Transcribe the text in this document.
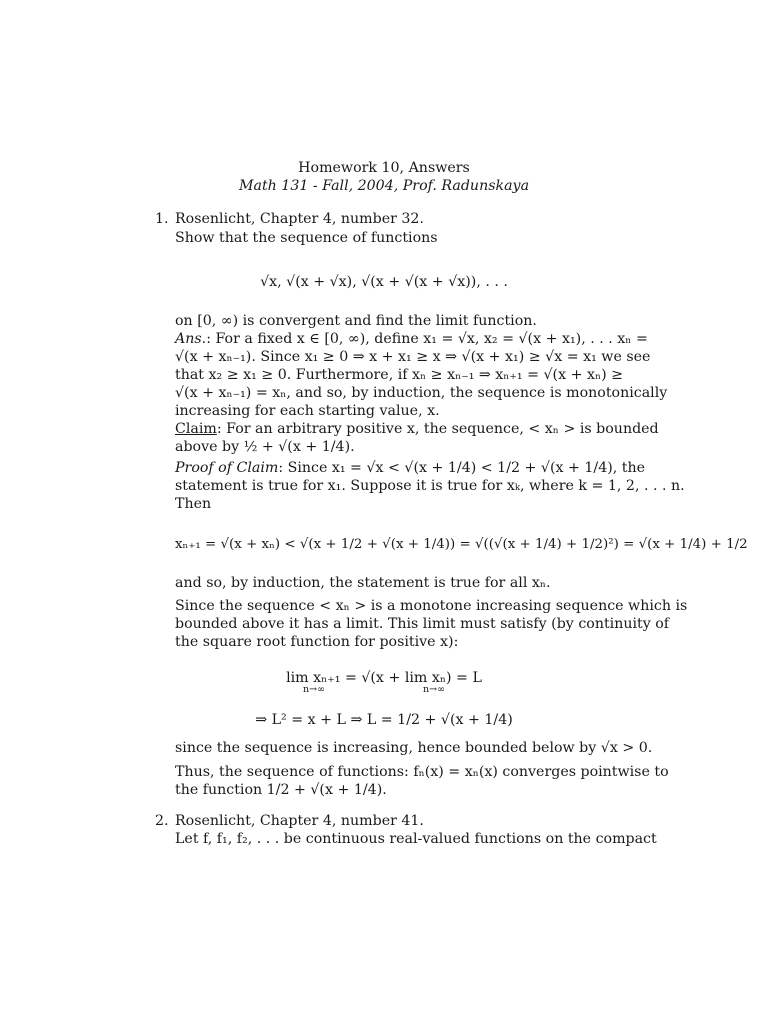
Homework 10, Answers
Math 131 - Fall, 2004, Prof. Radunskaya
1. Rosenlicht, Chapter 4, number 32.
Show that the sequence of functions
√x, √(x + √x), √(x + √(x + √x)), . . .
on [0, ∞) is convergent and find the limit function.
Ans.: For a fixed x ∈ [0, ∞), define x₁ = √x, x₂ = √(x + x₁), . . . xₙ =
√(x + xₙ₋₁). Since x₁ ≥ 0 ⇒ x + x₁ ≥ x ⇒ √(x + x₁) ≥ √x = x₁ we see
that x₂ ≥ x₁ ≥ 0. Furthermore, if xₙ ≥ xₙ₋₁ ⇒ xₙ₊₁ = √(x + xₙ) ≥
√(x + xₙ₋₁) = xₙ, and so, by induction, the sequence is monotonically
increasing for each starting value, x.
Claim: For an arbitrary positive x, the sequence, < xₙ > is bounded
above by ½ + √(x + 1/4).
Proof of Claim: Since x₁ = √x < √(x + 1/4) < 1/2 + √(x + 1/4), the
statement is true for x₁. Suppose it is true for xₖ, where k = 1, 2, . . . n.
Then
xₙ₊₁ = √(x + xₙ) < √(x + 1/2 + √(x + 1/4)) = √((√(x + 1/4) + 1/2)²) = √(x + 1/4) + 1/2
and so, by induction, the statement is true for all xₙ.
Since the sequence < xₙ > is a monotone increasing sequence which is
bounded above it has a limit. This limit must satisfy (by continuity of
the square root function for positive x):
lim xₙ₊₁ = √(x + lim xₙ) = L
n→∞	n→∞
⇒ L² = x + L ⇒ L = 1/2 + √(x + 1/4)
since the sequence is increasing, hence bounded below by √x > 0.
Thus, the sequence of functions: fₙ(x) = xₙ(x) converges pointwise to
the function 1/2 + √(x + 1/4).
2. Rosenlicht, Chapter 4, number 41.
Let f, f₁, f₂, . . . be continuous real-valued functions on the compact
